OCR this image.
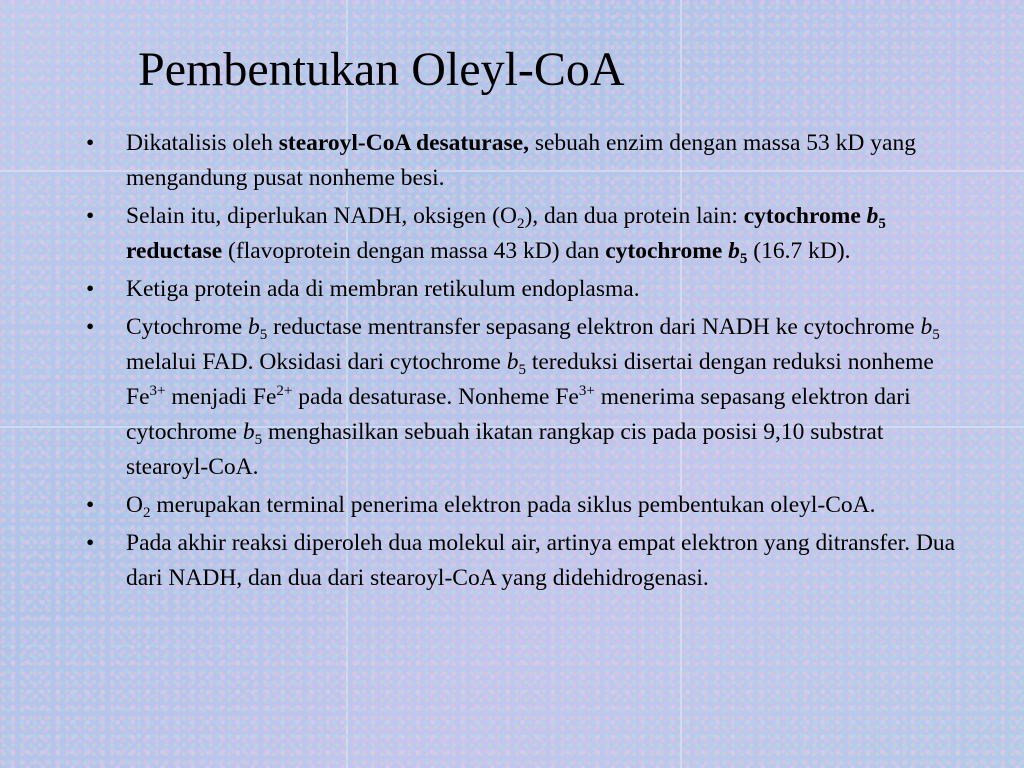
Pembentukan Oleyl-CoA
•	Dikatalisis oleh stearoyl-CoA desaturase, sebuah enzim dengan massa 53 kD yang mengandung pusat nonheme besi.
•	Selain itu, diperlukan NADH, oksigen $(O_2)$, dan dua protein lain: cytochrome $b_5$ reductase (flavoprotein dengan massa 43 kD) dan cytochrome $b_5$ (16.7 kD).
•	Ketiga protein ada di membran retikulum endoplasma.
•	Cytochrome $b_5$ reductase mentransfer sepasang elektron dari NADH ke cytochrome $b_5$ melalui FAD. Oksidasi dari cytochrome $b_5$ tereduksi disertai dengan reduksi nonheme $Fe^{3+}$ menjadi $Fe^{2+}$ pada desaturase. Nonheme $Fe^{3+}$ menerima sepasang elektron dari cytochrome $b_5$ menghasilkan sebuah ikatan rangkap cis pada posisi 9,10 substrat stearoyl-CoA.
•	$O_2$ merupakan terminal penerima elektron pada siklus pembentukan oleyl-CoA.
•	Pada akhir reaksi diperoleh dua molekul air, artinya empat elektron yang ditransfer. Dua dari NADH, dan dua dari stearoyl-CoA yang didehidrogenasi.
